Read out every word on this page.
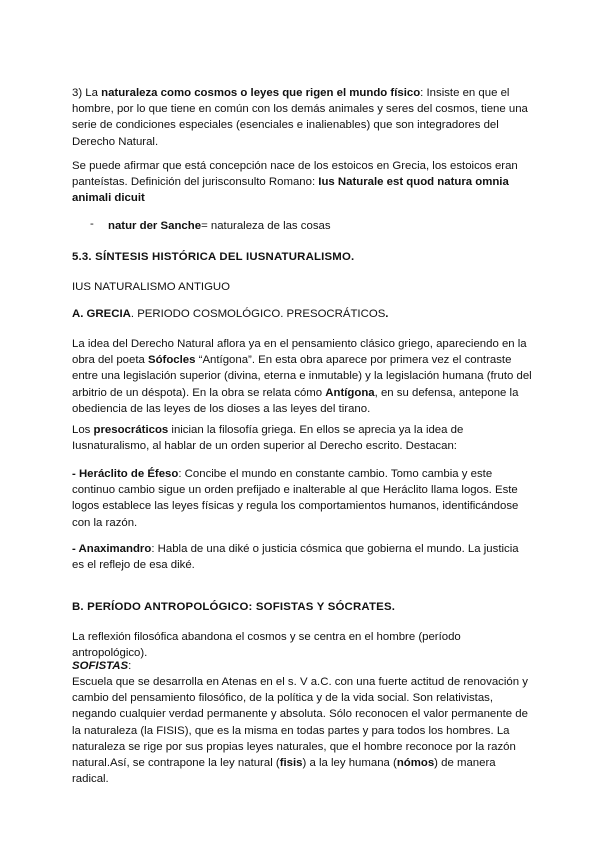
3) La naturaleza como cosmos o leyes que rigen el mundo físico: Insiste en que el hombre, por lo que tiene en común con los demás animales y seres del cosmos, tiene una serie de condiciones especiales (esenciales e inalienables) que son integradores del Derecho Natural.

Se puede afirmar que está concepción nace de los estoicos en Grecia, los estoicos eran panteístas. Definición del jurisconsulto Romano: Ius Naturale est quod natura omnia animali dicuit

- natur der Sanche= naturaleza de las cosas

5.3. SÍNTESIS HISTÓRICA DEL IUSNATURALISMO.

IUS NATURALISMO ANTIGUO

A. GRECIA. PERIODO COSMOLÓGICO. PRESOCRÁTICOS.

La idea del Derecho Natural aflora ya en el pensamiento clásico griego, apareciendo en la obra del poeta Sófocles “Antígona”. En esta obra aparece por primera vez el contraste entre una legislación superior (divina, eterna e inmutable) y la legislación humana (fruto del arbitrio de un déspota). En la obra se relata cómo Antígona, en su defensa, antepone la obediencia de las leyes de los dioses a las leyes del tirano.

Los presocráticos inician la filosofía griega. En ellos se aprecia ya la idea de Iusnaturalismo, al hablar de un orden superior al Derecho escrito. Destacan:

- Heráclito de Éfeso: Concibe el mundo en constante cambio. Tomo cambia y este continuo cambio sigue un orden prefijado e inalterable al que Heráclito llama logos. Este logos establece las leyes físicas y regula los comportamientos humanos, identificándose con la razón.

- Anaximandro: Habla de una diké o justicia cósmica que gobierna el mundo. La justicia es el reflejo de esa diké.

B. PERÍODO ANTROPOLÓGICO: SOFISTAS Y SÓCRATES.

La reflexión filosófica abandona el cosmos y se centra en el hombre (período antropológico).

SOFISTAS:

Escuela que se desarrolla en Atenas en el s. V a.C. con una fuerte actitud de renovación y cambio del pensamiento filosófico, de la política y de la vida social. Son relativistas, negando cualquier verdad permanente y absoluta. Sólo reconocen el valor permanente de la naturaleza (la FISIS), que es la misma en todas partes y para todos los hombres. La naturaleza se rige por sus propias leyes naturales, que el hombre reconoce por la razón natural.Así, se contrapone la ley natural (fisis) a la ley humana (nómos) de manera radical.
